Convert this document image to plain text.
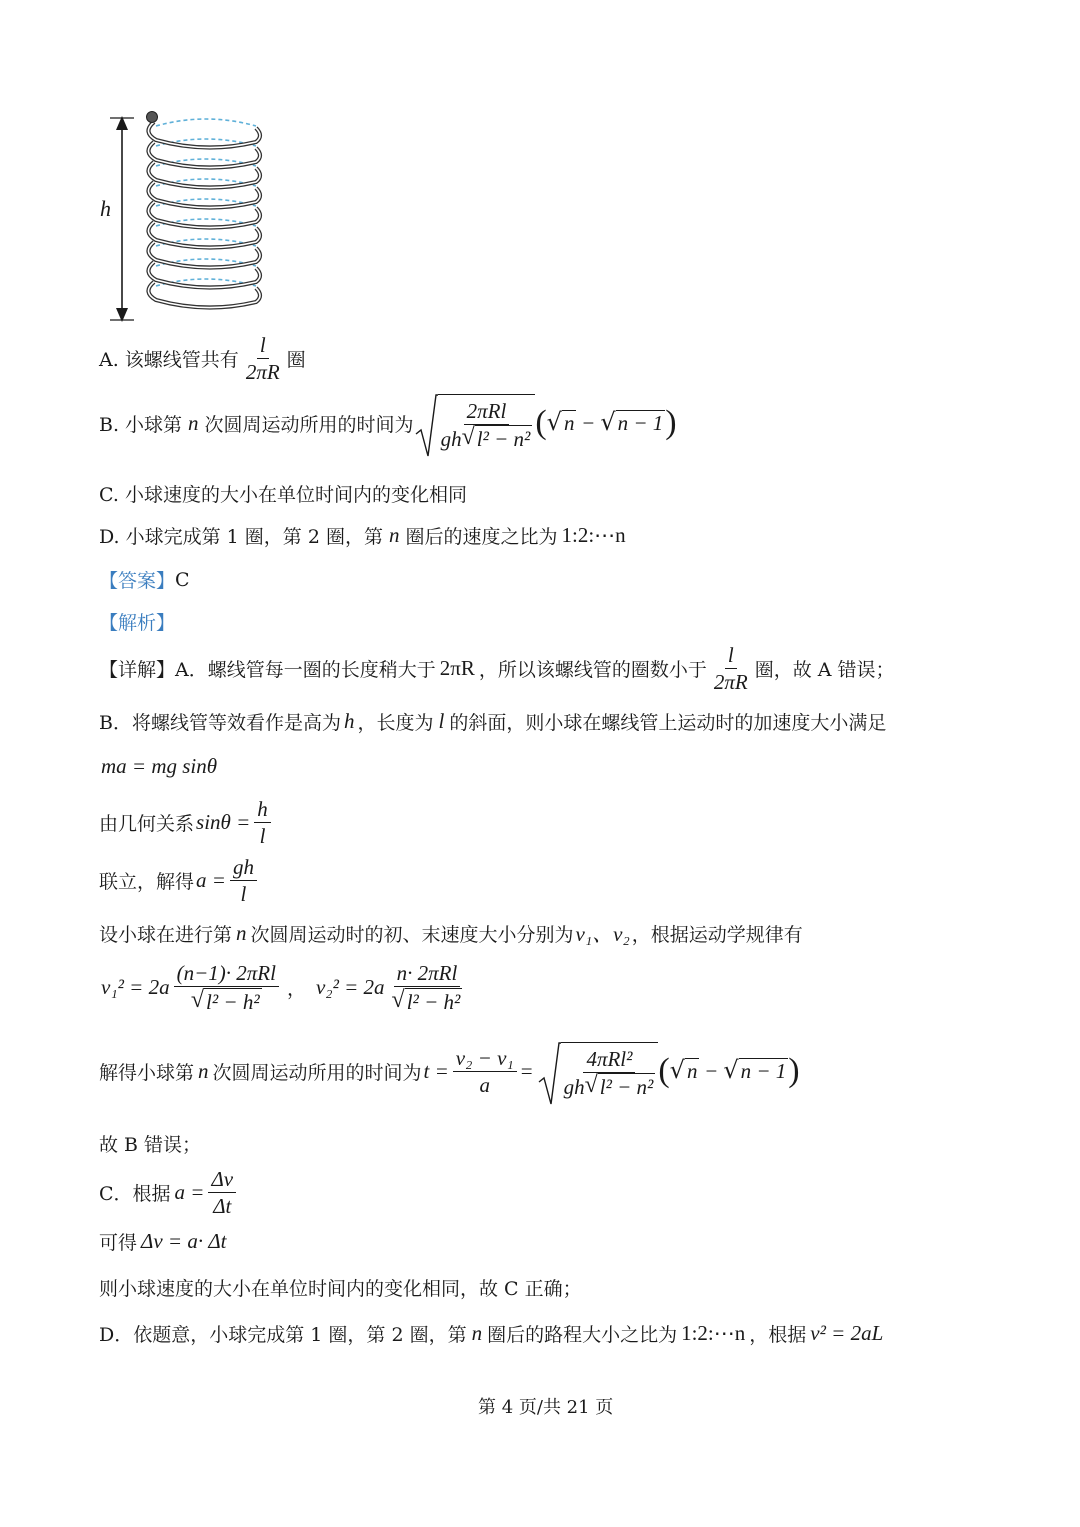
h
A. 该螺线管共有 $\frac{l}{2\pi R}$ 圈
B. 小球第 n 次圆周运动所用的时间为 $\frac{\text{2πRl}}{\text{gh √ l² − n²}}$ ( √ n − √ n − 1 )
C. 小球速度的大小在单位时间内的变化相同
D. 小球完成第 1 圈，第 2 圈，第 n 圈后的速度之比为 1:2:⋯n
【答案】 C
【解析】
【详解】 A．螺线管每一圈的长度稍大于 2πR ，所以该螺线管的圈数小于 $\frac{l}{2\pi R}$ 圈，故 A 错误；
B．将螺线管等效看作是高为 h ，长度为 l 的斜面，则小球在螺线管上运动时的加速度大小满足
ma = mg sinθ
由几何关系 $\sin\theta = \frac{h}{l}$
联立，解得 $a = \frac{gh}{l}$
设小球在进行第 n 次圆周运动时的初、末速度大小分别为 v₁、v₂ ，根据运动学规律有
$v_1^2 = 2a \frac{\text{(n−1)· 2πRl}}{\text{√ l² − h²}}$ ， $v_2^2 = 2a \frac{\text{n· 2πRl}}{\text{√ l² − h²}}$
解得小球第 n 次圆周运动所用的时间为 $t = \frac{\text{v₂ − v₁}}{a} = \frac{\text{4πRl²}}{\text{gh √ l² − n²}}$ ( √ n − √ n − 1 )
故 B 错误；
C．根据 $a = \frac{\Delta v}{\Delta t}$
可得 Δv = a· Δt
则小球速度的大小在单位时间内的变化相同，故 C 正确；
D．依题意，小球完成第 1 圈，第 2 圈，第 n 圈后的路程大小之比为 1:2:⋯n ，根据 v² = 2aL
第 4 页/共 21 页
